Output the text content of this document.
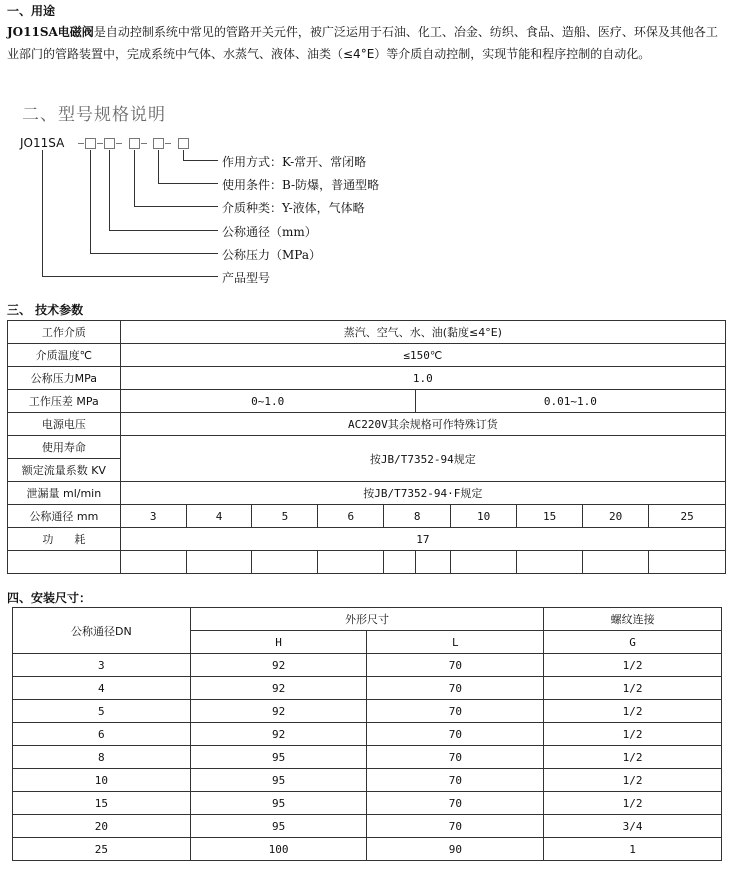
一、用途
JO11SA电磁阀是自动控制系统中常见的管路开关元件，被广泛运用于石油、化工、冶金、纺织、食品、造船、医疗、环保及其他各工业部门的管路装置中，完成系统中气体、水蒸气、液体、油类（≤4°E）等介质自动控制，实现节能和程序控制的自动化。
二、型号规格说明
JO11SA
作用方式：K-常开、常闭略
使用条件：B-防爆，普通型略
介质种类：Y-液体，气体略
公称通径（mm）
公称压力（MPa）
产品型号
三、 技术参数
工作介质	蒸汽、空气、水、油(黏度≤4°E)									
介质温度℃	≤150℃									
公称压力MPa	1.0									
工作压差 MPa	0~1.0					0.01~1.0				
电源电压	AC220V其余规格可作特殊订货									
使用寿命	按JB/T7352-94规定									
额定流量系数 KV										
泄漏量 ml/min	按JB/T7352-94·F规定									
公称通径 mm	3	4	5	6	8		10	15	20	25
功      耗	17									

四、安装尺寸：
公称通径DN	外形尺寸		螺纹连接
	H	L	G
3	92	70	1/2
4	92	70	1/2
5	92	70	1/2
6	92	70	1/2
8	95	70	1/2
10	95	70	1/2
15	95	70	1/2
20	95	70	3/4
25	100	90	1
